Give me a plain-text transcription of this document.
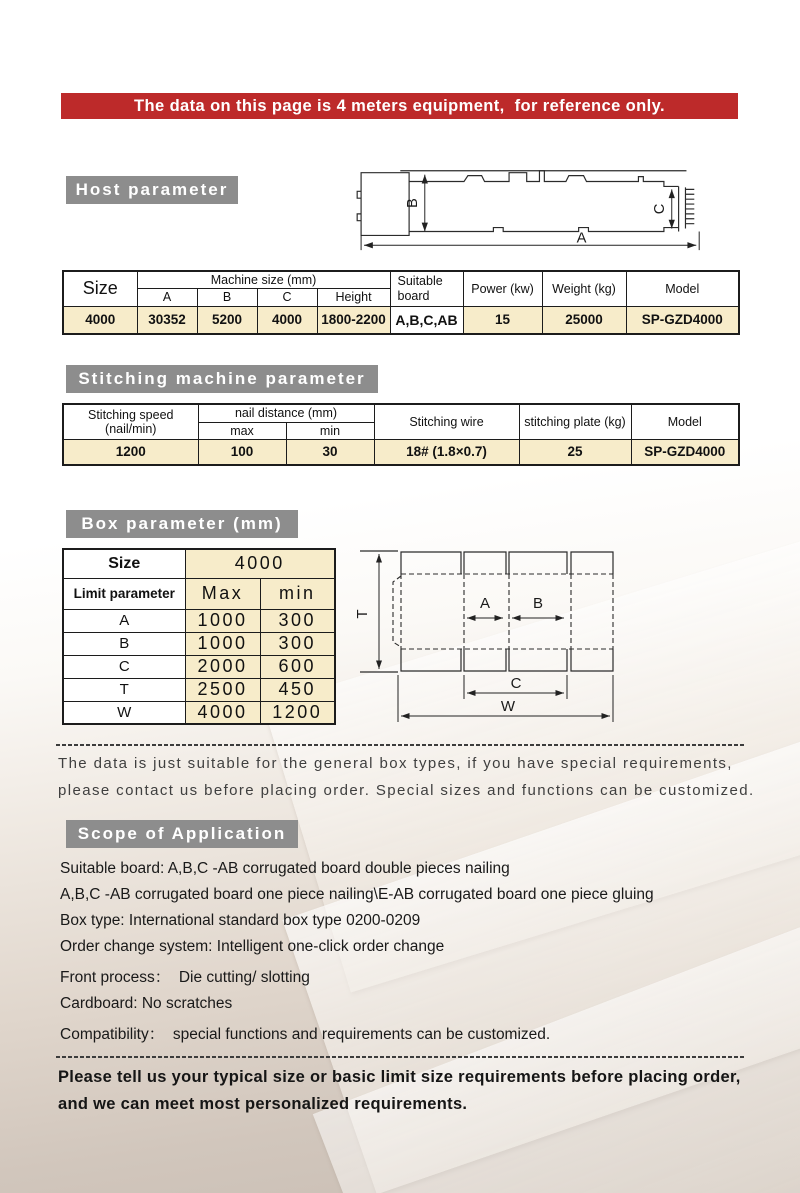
The data on this page is 4 meters equipment,  for reference only.
Host parameter
A
B
C
Size	Machine size (mm)				Suitable board	Power (kw)	Weight (kg)	Model
	A	B	C	Height				
4000	30352	5200	4000	1800-2200	A,B,C,AB	15	25000	SP-GZD4000
Stitching machine parameter
Stitching speed
(nail/min)	nail distance (mm)		Stitching wire	stitching plate (kg)	Model
	max	min			
1200	100	30	18# (1.8×0.7)	25	SP-GZD4000
Box parameter (mm)
Size	4000	
Limit parameter	Max	min
A	1000	300
B	1000	300
C	2000	600
T	2500	450
W	4000	1200
T
A	B
C
W

The data is just suitable for the general box types, if you have special requirements,

please contact us before placing order. Special sizes and functions can be customized.

Scope of Application

Suitable board: A,B,C -AB corrugated board double pieces nailing

A,B,C -AB corrugated board one piece nailing\E-AB corrugated board one piece gluing

Box type: International standard box type 0200-0209

Order change system: Intelligent one-click order change

Front process：  Die cutting/ slotting

Cardboard: No scratches

Compatibility：  special functions and requirements can be customized.

Please tell us your typical size or basic limit size requirements before placing order,

and we can meet most personalized requirements.
